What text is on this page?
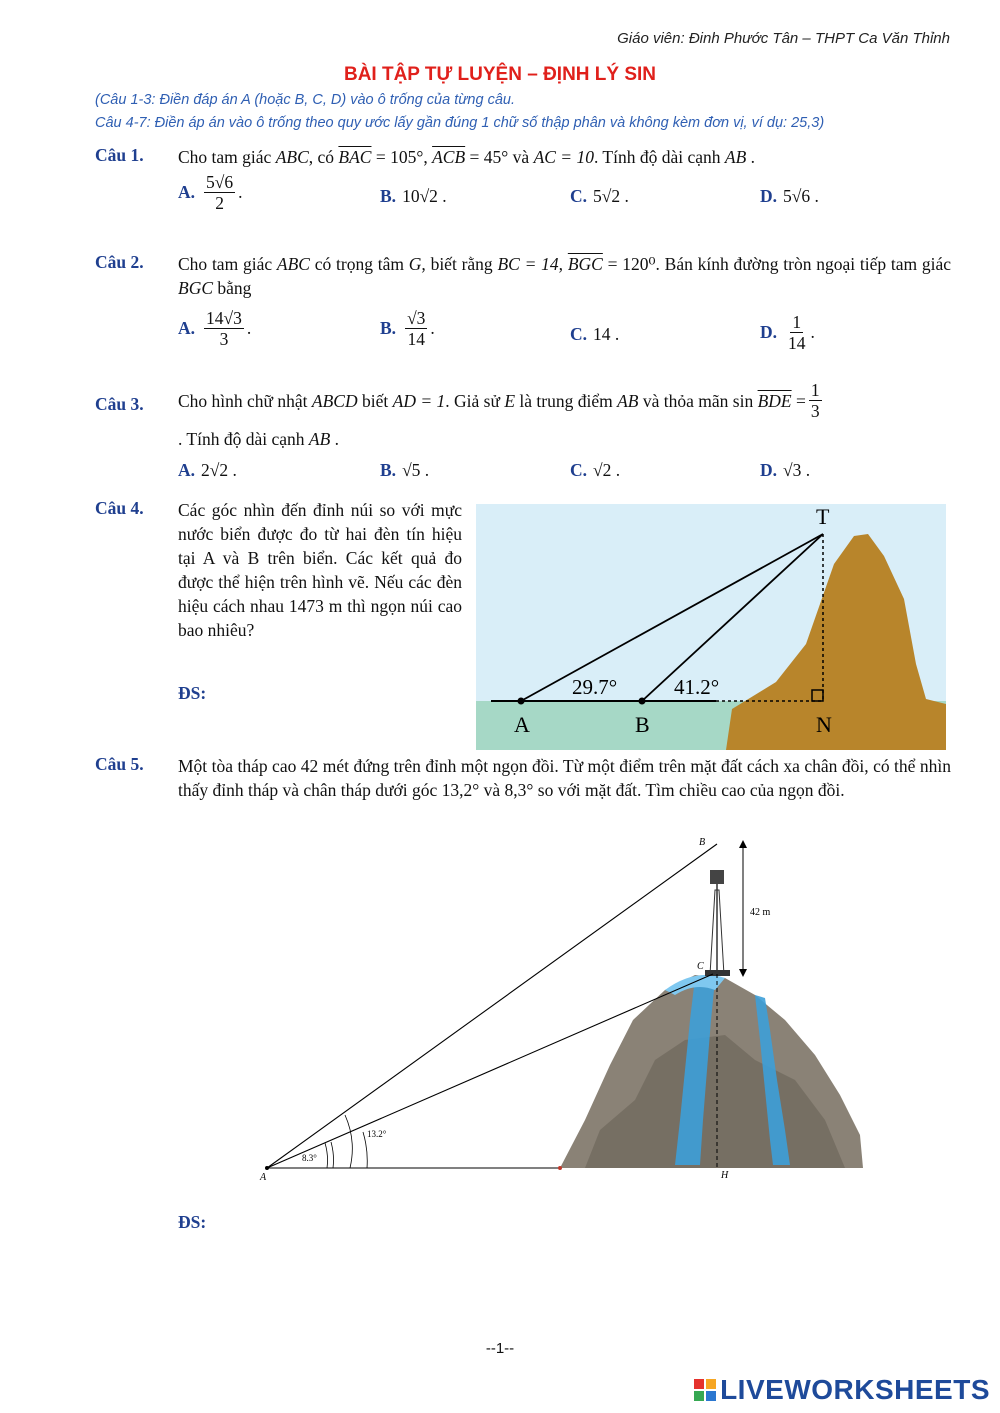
Giáo viên: Đinh Phước Tân – THPT Ca Văn Thỉnh
BÀI TẬP TỰ LUYỆN – ĐỊNH LÝ SIN
(Câu 1-3: Điền đáp án A (hoặc B, C, D) vào ô trống của từng câu.
Câu 4-7: Điền áp án vào ô trống theo quy ước lấy gần đúng 1 chữ số thập phân và không kèm đơn vị, ví dụ: 25,3)
Câu 1. Cho tam giác ABC, có $\overline{BAC} = 105^\circ$, $\overline{ACB} = 45^\circ$ và AC = 10. Tính độ dài cạnh AB .
A. $\frac{5√6}{2}$ .	B. 10√2 .	C. 5√2 .	D. 5√6 .
Câu 2. Cho tam giác ABC có trọng tâm G, biết rằng BC = 14, $\overline{BGC} = 120^0$. Bán kính đường tròn ngoại tiếp tam giác BGC bằng
A. $\frac{14√3}{3}$ .	B. $\frac{√3}{14}$ .	C. 14 .	D. $\frac{1}{14}$ .
Câu 3. Cho hình chữ nhật
ABCD
biết
AD = 1 . Giả sử
E
là trung điểm
AB
và thỏa mãn
sin
$\overline{BDE}$
= $\frac{1}{3}$
. Tính độ dài cạnh AB .
A. 2√2 .	B. √5 .	C. √2 .	D. √3 .
Câu 4. Các góc nhìn đến đỉnh núi so với mực nước biển được đo từ hai đèn tín hiệu tại A và B trên biển. Các kết quả đo được thể hiện trên hình vẽ. Nếu các đèn hiệu cách nhau 1473 m thì ngọn núi cao bao nhiêu?
ĐS:
T
A	B	N
29.7°	41.2°
Câu 5. Một tòa tháp cao 42 mét đứng trên đỉnh một ngọn đồi. Từ một điểm trên mặt đất cách xa chân đồi, có thể nhìn thấy đỉnh tháp và chân tháp dưới góc 13,2° và 8,3° so với mặt đất. Tìm chiều cao của ngọn đồi.
B
C
A	H
42 m
13.2°
8.3°
ĐS:
--1--
LIVEWORKSHEETS
